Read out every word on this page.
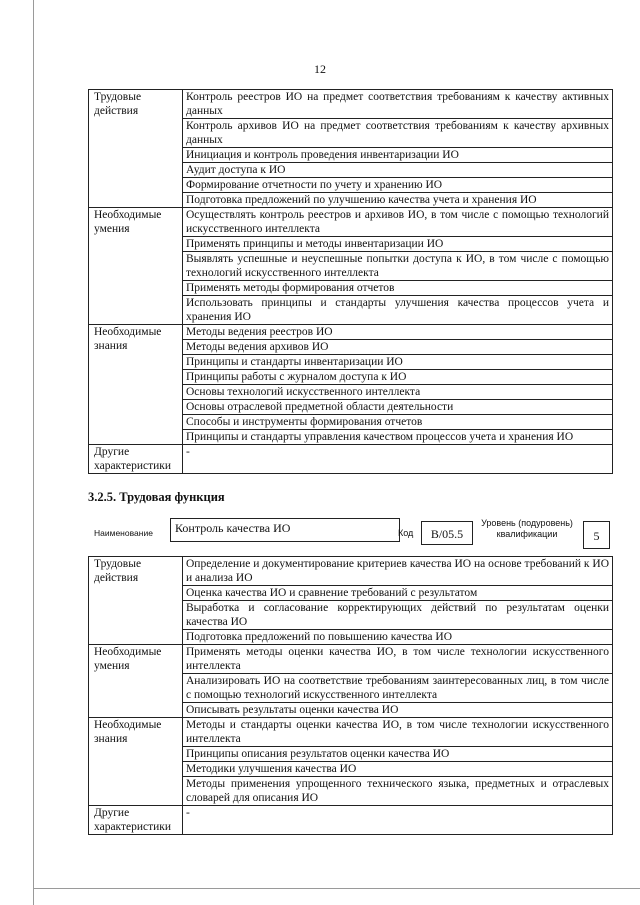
12
Трудовые действия	Контроль реестров ИО на предмет соответствия требованиям к качеству активных данных
	Контроль архивов ИО на предмет соответствия требованиям к качеству архивных данных
	Инициация и контроль проведения инвентаризации ИО
	Аудит доступа к ИО
	Формирование отчетности по учету и хранению ИО
	Подготовка предложений по улучшению качества учета и хранения ИО
Необходимые умения	Осуществлять контроль реестров и архивов ИО, в том числе с помощью технологий искусственного интеллекта
	Применять принципы и методы инвентаризации ИО
	Выявлять успешные и неуспешные попытки доступа к ИО, в том числе с помощью технологий искусственного интеллекта
	Применять методы формирования отчетов
	Использовать принципы и стандарты улучшения качества процессов учета и хранения ИО
Необходимые знания	Методы ведения реестров ИО
	Методы ведения архивов ИО
	Принципы и стандарты инвентаризации ИО
	Принципы работы с журналом доступа к ИО
	Основы технологий искусственного интеллекта
	Основы отраслевой предметной области деятельности
	Способы и инструменты формирования отчетов
	Принципы и стандарты управления качеством процессов учета и хранения ИО
Другие характеристики	-
3.2.5. Трудовая функция
Наименование	Контроль качества ИО	Код	B/05.5
Уровень (подуровень) квалификации	5
Трудовые действия	Определение и документирование критериев качества ИО на основе требований к ИО и анализа ИО
	Оценка качества ИО и сравнение требований с результатом
	Выработка и согласование корректирующих действий по результатам оценки качества ИО
	Подготовка предложений по повышению качества ИО
Необходимые умения	Применять методы оценки качества ИО, в том числе технологии искусственного интеллекта
	Анализировать ИО на соответствие требованиям заинтересованных лиц, в том числе с помощью технологий искусственного интеллекта
	Описывать результаты оценки качества ИО
Необходимые знания	Методы и стандарты оценки качества ИО, в том числе технологии искусственного интеллекта
	Принципы описания результатов оценки качества ИО
	Методики улучшения качества ИО
	Методы применения упрощенного технического языка, предметных и отраслевых словарей для описания ИО
Другие характеристики	-
